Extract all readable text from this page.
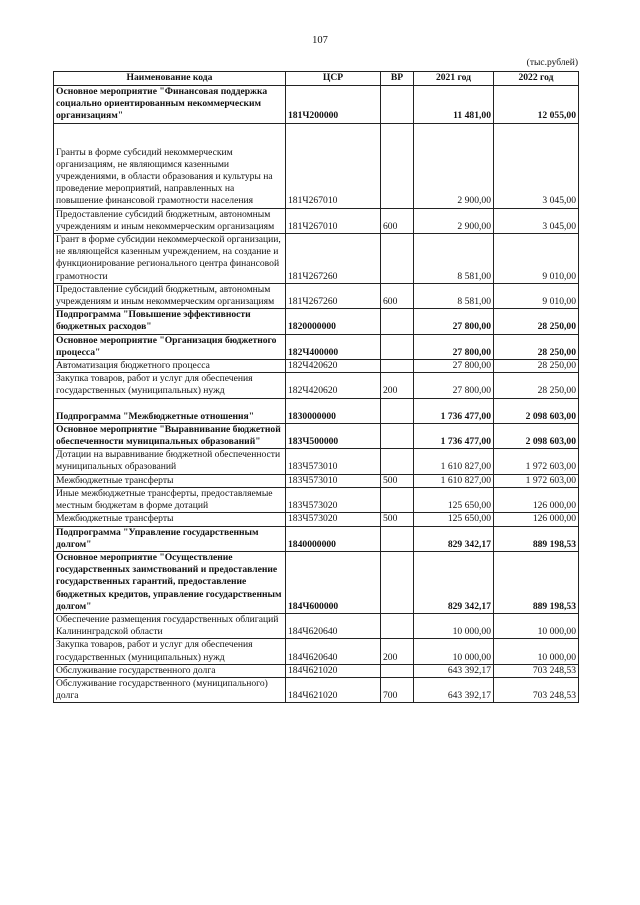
107
(тыс.рублей)
Наименование кода	ЦСР	ВР	2021 год	2022 год
Основное мероприятие "Финансовая поддержка социально ориентированным некоммерческим организациям"	181Ч200000		11 481,00	12 055,00
Гранты в форме субсидий некоммерческим организациям, не являющимся казенными учреждениями, в области образования и культуры на проведение мероприятий, направленных на повышение финансовой грамотности населения	181Ч267010		2 900,00	3 045,00
Предоставление субсидий бюджетным, автономным учреждениям и иным некоммерческим организациям	181Ч267010	600	2 900,00	3 045,00
Грант в форме субсидии некоммерческой организации, не являющейся казенным учреждением, на создание и функционирование регионального центра финансовой грамотности	181Ч267260		8 581,00	9 010,00
Предоставление субсидий бюджетным, автономным учреждениям и иным некоммерческим организациям	181Ч267260	600	8 581,00	9 010,00
Подпрограмма "Повышение эффективности бюджетных расходов"	1820000000		27 800,00	28 250,00
Основное мероприятие "Организация бюджетного процесса"	182Ч400000		27 800,00	28 250,00
Автоматизация бюджетного процесса	182Ч420620		27 800,00	28 250,00
Закупка товаров, работ и услуг для обеспечения государственных (муниципальных) нужд	182Ч420620	200	27 800,00	28 250,00
Подпрограмма "Межбюджетные отношения"	1830000000		1 736 477,00	2 098 603,00
Основное мероприятие "Выравнивание бюджетной обеспеченности муниципальных образований"	183Ч500000		1 736 477,00	2 098 603,00
Дотации на выравнивание бюджетной обеспеченности муниципальных образований	183Ч573010		1 610 827,00	1 972 603,00
Межбюджетные трансферты	183Ч573010	500	1 610 827,00	1 972 603,00
Иные межбюджетные трансферты, предоставляемые местным бюджетам в форме дотаций	183Ч573020		125 650,00	126 000,00
Межбюджетные трансферты	183Ч573020	500	125 650,00	126 000,00
Подпрограмма "Управление государственным долгом"	1840000000		829 342,17	889 198,53
Основное мероприятие "Осуществление государственных заимствований и предоставление государственных гарантий, предоставление бюджетных кредитов, управление государственным долгом"	184Ч600000		829 342,17	889 198,53
Обеспечение размещения государственных облигаций Калининградской области	184Ч620640		10 000,00	10 000,00
Закупка товаров, работ и услуг для обеспечения государственных (муниципальных) нужд	184Ч620640	200	10 000,00	10 000,00
Обслуживание государственного долга	184Ч621020		643 392,17	703 248,53
Обслуживание государственного (муниципального) долга	184Ч621020	700	643 392,17	703 248,53
